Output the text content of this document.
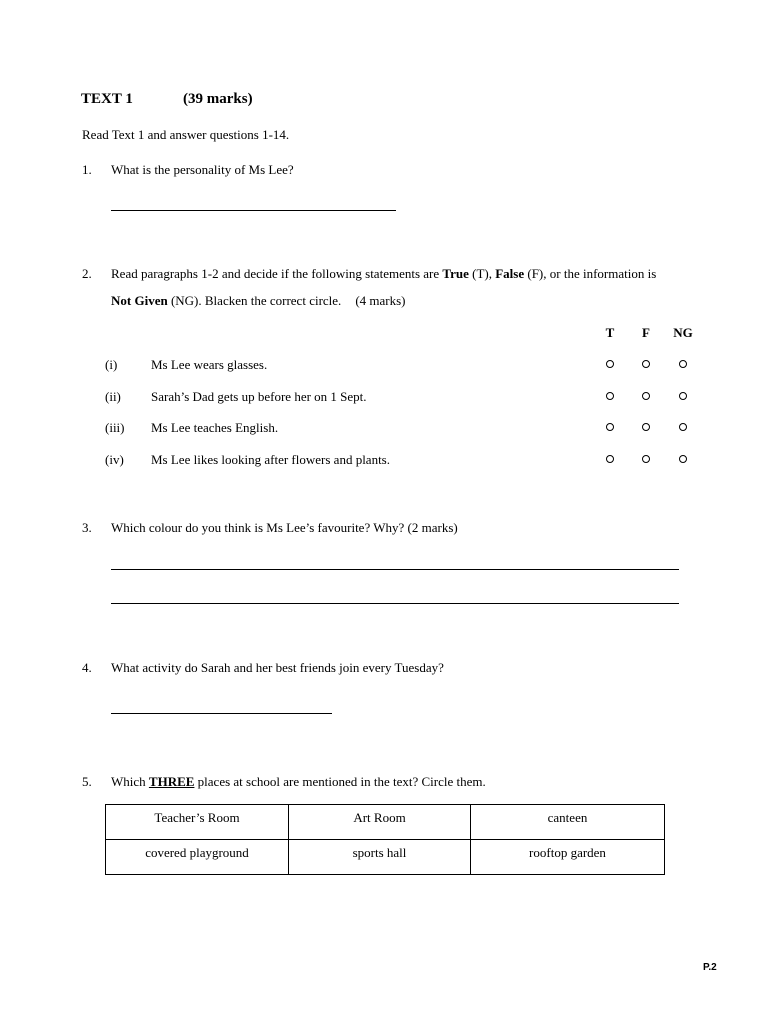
TEXT 1	(39 marks)
Read Text 1 and answer questions 1-14.
1. What is the personality of Ms Lee?
2. Read paragraphs 1-2 and decide if the following statements are True (T), False (F), or the information is
Not Given (NG). Blacken the correct circle. (4 marks)
T	F	NG
(i)	Ms Lee wears glasses.
(ii) Sarah’s Dad gets up before her on 1 Sept.
(iii) Ms Lee teaches English.
(iv) Ms Lee likes looking after flowers and plants.
3. Which colour do you think is Ms Lee’s favourite? Why? (2 marks)
4. What activity do Sarah and her best friends join every Tuesday?
5. Which THREE places at school are mentioned in the text? Circle them.
Teacher’s Room	Art Room	canteen
covered playground	sports hall	rooftop garden
P.2
